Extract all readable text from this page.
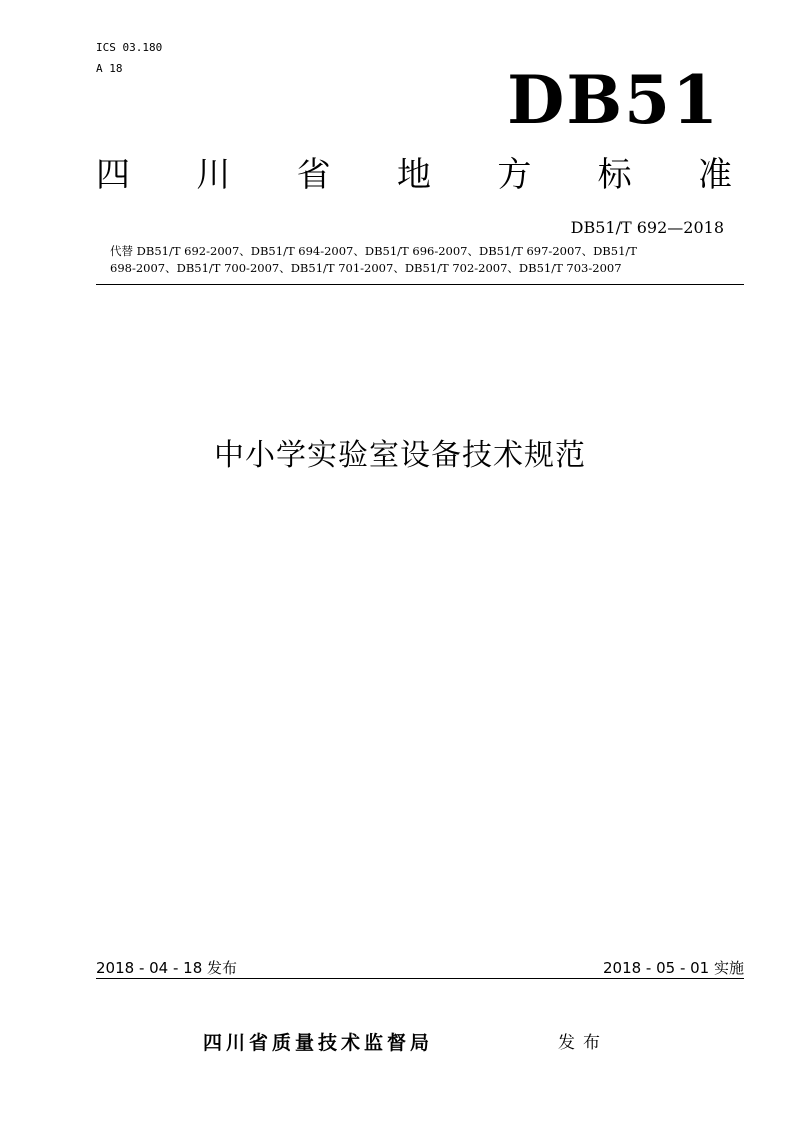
ICS 03.180
A 18	DB51
四 川 省 地 方 标 准
DB51/T 692—2018
代替 DB51/T 692-2007、DB51/T 694-2007、DB51/T 696-2007、DB51/T 697-2007、DB51/T
698-2007、DB51/T 700-2007、DB51/T 701-2007、DB51/T 702-2007、DB51/T 703-2007
中小学实验室设备技术规范
2018 - 04 - 18 发布	2018 - 05 - 01 实施
四川省质量技术监督局	发布
